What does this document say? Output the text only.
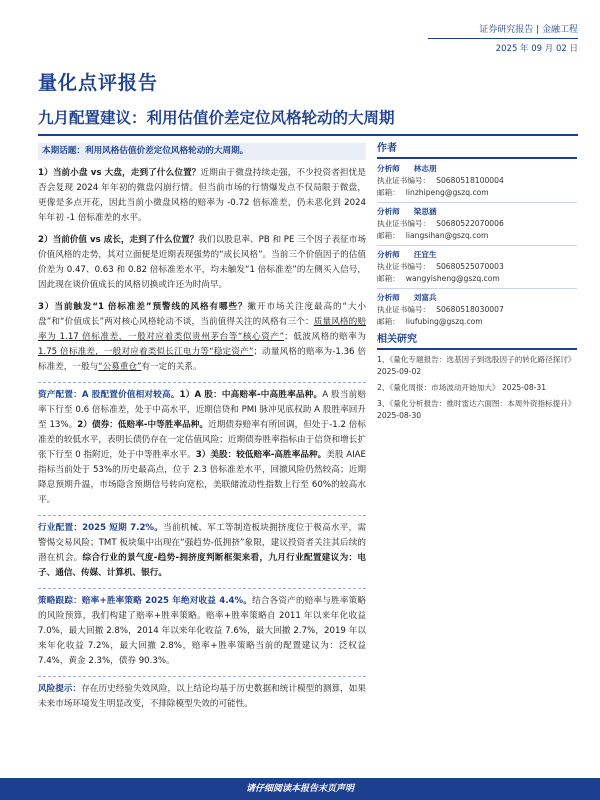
证券研究报告 | 金融工程
2025 年 09 月 02 日
量化点评报告
九月配置建议：利用估值价差定位风格轮动的大周期
本期话题：利用风格估值价差定位风格轮动的大周期。

1）当前小盘 vs 大盘，走到了什么位置？近期由于微盘持续走强，不少投资者担忧是否会复现 2024 年年初的微盘闪崩行情。但当前市场的行情爆发点不仅局限于微盘，更像是多点开花，因此当前小微盘风格的赔率为 -0.72 倍标准差，仍未恶化到 2024 年年初 -1 倍标准差的水平。

2）当前价值 vs 成长，走到了什么位置？我们以股息率、PB 和 PE 三个因子表征市场价值风格的走势，其对立面便是近期表现强势的“成长风格”。当前三个价值因子的估值价差为 0.47、0.63 和 0.82 倍标准差水平，均未触发“1 倍标准差”的左侧买入信号，因此现在谈价值成长的风格切换或许还为时尚早。

3）当前触发“1 倍标准差”预警线的风格有哪些？撇开市场关注度最高的“大小盘”和“价值成长”两对核心风格轮动不谈，当前值得关注的风格有三个：质量风格的赔率为 1.17 倍标准差，一般对应着类似贵州茅台等“核心资产”；低波风格的赔率为 1.75 倍标准差，一般对应着类似长江电力等“稳定资产”；动量风格的赔率为-1.36 倍标准差，一般与“公募重仓”有一定的关系。

资产配置：A 股配置价值相对较高。1）A 股：中高赔率-中高胜率品种。A 股当前赔率下行至 0.6 倍标准差，处于中高水平，近期信贷和 PMI 脉冲见底权助 A 股胜率回升至 13%。2）债券：低赔率-中等胜率品种。近期债券赔率有所回调，但处于-1.2 倍标准差的较低水平，表明长债仍存在一定估值风险；近期债券胜率指标由于信贷和增长扩张下行至 0 指附近，处于中等胜率水平。3）美股：较低赔率-高胜率品种。美股 AIAE 指标当前处于 53%的历史最高点，位于 2.3 倍标准差水平，回撤风险仍然较高；近期降息预期升温，市场隐含预期信号转向宽松，美联储流动性指数上行至 60%的较高水平。

行业配置：2025 短期 7.2%。当前机械、军工等制造板块拥挤度位于极高水平，需警惕交易风险；TMT 板块集中出现在“强趋势-低拥挤”象限，建议投资者关注其后续的潜在机会。综合行业的景气度-趋势-拥挤度判断框架来看，九月行业配置建议为：电子、通信、传媒、计算机、银行。

策略跟踪：赔率+胜率策略 2025 年绝对收益 4.4%。结合各资产的赔率与胜率策略的风险预算，我们构建了赔率+胜率策略。赔率+胜率策略自 2011 年以来年化收益 7.0%，最大回撤 2.8%，2014 年以来年化收益 7.6%，最大回撤 2.7%，2019 年以来年化收益 7.2%，最大回撤 2.8%，赔率+胜率策略当前的配置建议为：泛权益 7.4%，黄金 2.3%，债券 90.3%。

风险提示：存在历史经验失效风险，以上结论均基于历史数据和统计模型的测算，如果未来市场环境发生明显改变，不排除模型失效的可能性。

作者
分析师 林志朋
执业证书编号： S0680518100004
邮箱： linzhipeng@gszq.com
分析师 梁思涵
执业证书编号： S0680522070006
邮箱： liangsihan@gszq.com
分析师 汪宜生
执业证书编号： S0680525070003
邮箱： wangyisheng@gszq.com
分析师 刘富兵
执业证书编号： S0680518030007
邮箱： liufubing@gszq.com
相关研究
1、《量化专题报告：选基因子到选股因子的转化路径探讨》 2025-09-02
2、《量化周报：市场波动开始加大》 2025-08-31
3、《量化分析报告：推时雷达六面图：本周外资指标提升》 2025-08-30
请仔细阅读本报告末页声明
